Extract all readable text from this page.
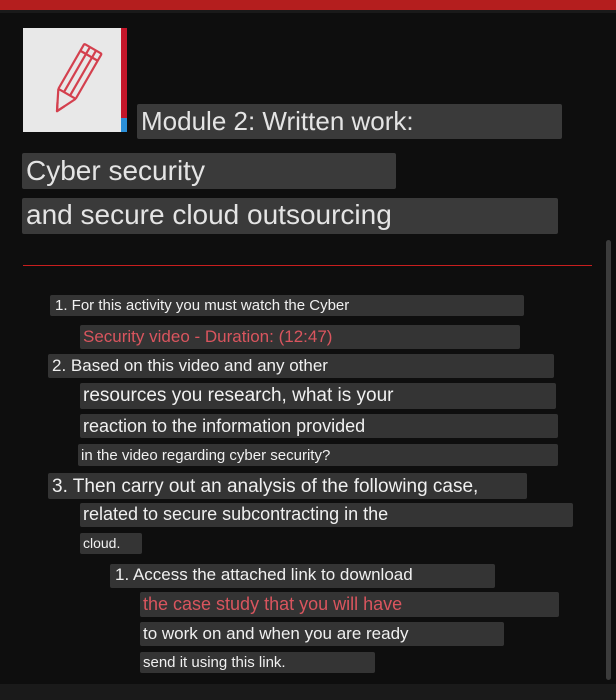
Module 2: Written work:
Cyber security
and secure cloud outsourcing
1. For this activity you must watch the Cyber
Security video - Duration: (12:47)
2. Based on this video and any other
resources you research, what is your
reaction to the information provided
in the video regarding cyber security?
3. Then carry out an analysis of the following case,
related to secure subcontracting in the
cloud.
1. Access the attached link to download
the case study that you will have
to work on and when you are ready
send it using this link.
